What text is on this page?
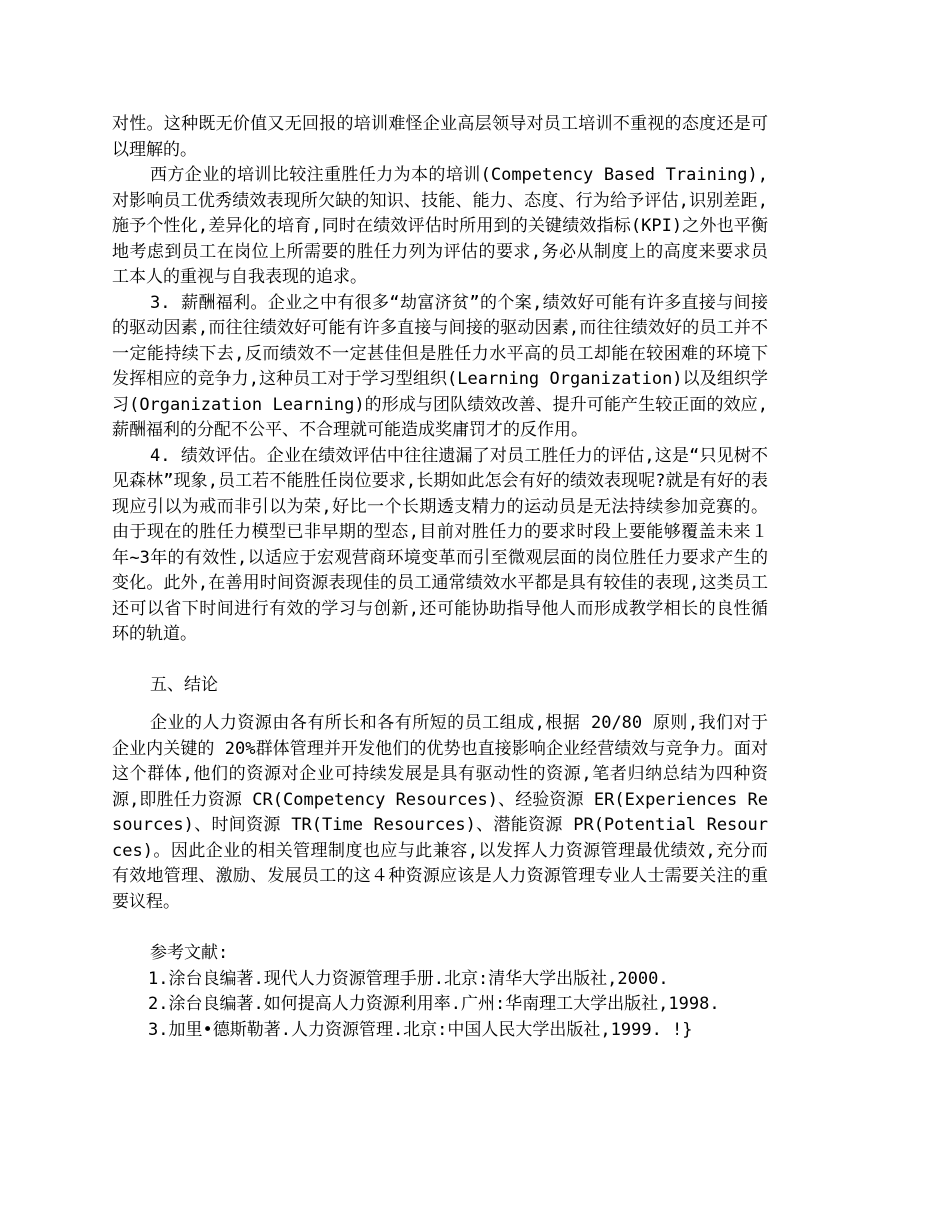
对性。这种既无价值又无回报的培训难怪企业高层领导对员工培训不重视的态度还是可以理解的。

西方企业的培训比较注重胜任力为本的培训(Competency Based Training),对影响员工优秀绩效表现所欠缺的知识、技能、能力、态度、行为给予评估,识别差距,施予个性化,差异化的培育,同时在绩效评估时所用到的关键绩效指标(KPI)之外也平衡地考虑到员工在岗位上所需要的胜任力列为评估的要求,务必从制度上的高度来要求员工本人的重视与自我表现的追求。

3. 薪酬福利。企业之中有很多“劫富济贫”的个案,绩效好可能有许多直接与间接的驱动因素,而往往绩效好可能有许多直接与间接的驱动因素,而往往绩效好的员工并不一定能持续下去,反而绩效不一定甚佳但是胜任力水平高的员工却能在较困难的环境下发挥相应的竞争力,这种员工对于学习型组织(Learning Organization)以及组织学习(Organization Learning)的形成与团队绩效改善、提升可能产生较正面的效应,薪酬福利的分配不公平、不合理就可能造成奖庸罚才的反作用。

4. 绩效评估。企业在绩效评估中往往遗漏了对员工胜任力的评估,这是“只见树不见森林”现象,员工若不能胜任岗位要求,长期如此怎会有好的绩效表现呢?就是有好的表现应引以为戒而非引以为荣,好比一个长期透支精力的运动员是无法持续参加竞赛的。由于现在的胜任力模型已非早期的型态,目前对胜任力的要求时段上要能够覆盖未来１年~3年的有效性,以适应于宏观营商环境变革而引至微观层面的岗位胜任力要求产生的变化。此外,在善用时间资源表现佳的员工通常绩效水平都是具有较佳的表现,这类员工还可以省下时间进行有效的学习与创新,还可能协助指导他人而形成教学相长的良性循环的轨道。

五、结论

企业的人力资源由各有所长和各有所短的员工组成,根据 20/80 原则,我们对于企业内关键的 20%群体管理并开发他们的优势也直接影响企业经营绩效与竞争力。面对这个群体,他们的资源对企业可持续发展是具有驱动性的资源,笔者归纳总结为四种资源,即胜任力资源 CR(Competency Resources)、经验资源 ER(Experiences Resources)、时间资源 TR(Time Resources)、潜能资源 PR(Potential Resources)。因此企业的相关管理制度也应与此兼容,以发挥人力资源管理最优绩效,充分而有效地管理、激励、发展员工的这４种资源应该是人力资源管理专业人士需要关注的重要议程。

参考文献:

1.涂台良编著.现代人力资源管理手册.北京:清华大学出版社,2000.

2.涂台良编著.如何提高人力资源利用率.广州:华南理工大学出版社,1998.

3.加里•德斯勒著.人力资源管理.北京:中国人民大学出版社,1999. !}
